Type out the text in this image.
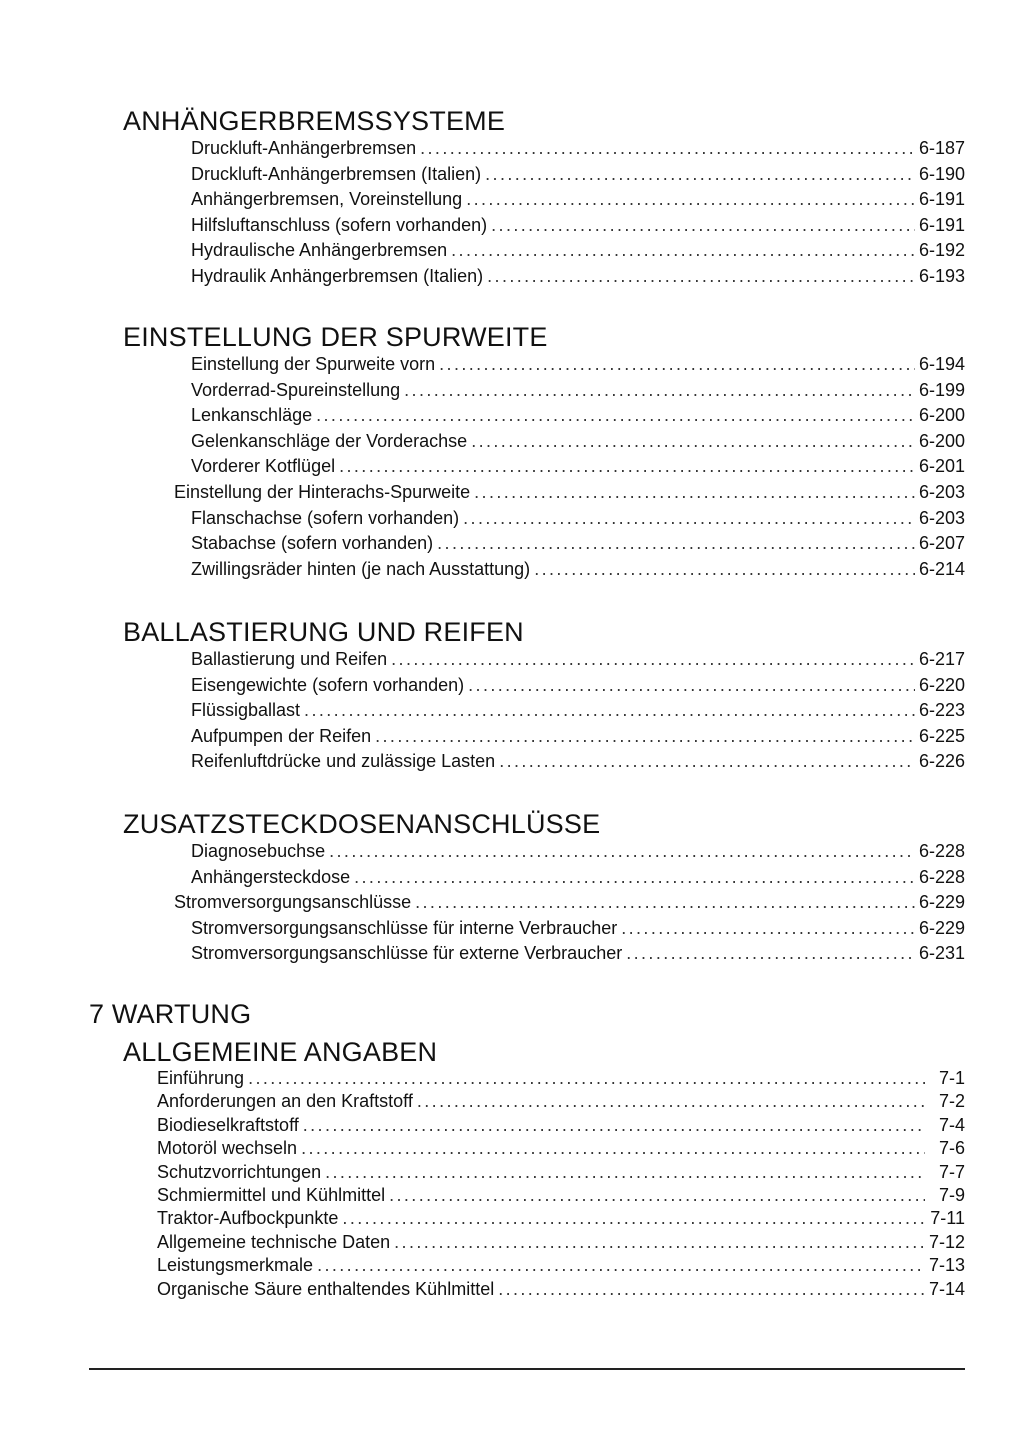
ANHÄNGERBREMSSYSTEME
Druckluft-Anhängerbremsen . . .	6-187
Druckluft-Anhängerbremsen (Italien) . . .	6-190
Anhängerbremsen, Voreinstellung . . .	6-191
Hilfsluftanschluss (sofern vorhanden) . . .	6-191
Hydraulische Anhängerbremsen . . .	6-192
Hydraulik Anhängerbremsen (Italien) . . .	6-193
EINSTELLUNG DER SPURWEITE
Einstellung der Spurweite vorn . . .	6-194
Vorderrad-Spureinstellung . . .	6-199
Lenkanschläge . . .	6-200
Gelenkanschläge der Vorderachse . . .	6-200
Vorderer Kotflügel . . .	6-201
Einstellung der Hinterachs-Spurweite . . .	6-203
Flanschachse (sofern vorhanden) . . .	6-203
Stabachse (sofern vorhanden) . . .	6-207
Zwillingsräder hinten (je nach Ausstattung) . . .	6-214
BALLASTIERUNG UND REIFEN
Ballastierung und Reifen . . .	6-217
Eisengewichte (sofern vorhanden) . . .	6-220
Flüssigballast . . .	6-223
Aufpumpen der Reifen . . .	6-225
Reifenluftdrücke und zulässige Lasten . . .	6-226
ZUSATZSTECKDOSENANSCHLÜSSE
Diagnosebuchse . . .	6-228
Anhängersteckdose . . .	6-228
Stromversorgungsanschlüsse . . .	6-229
Stromversorgungsanschlüsse für interne Verbraucher . . .	6-229
Stromversorgungsanschlüsse für externe Verbraucher . . .	6-231
7 WARTUNG
ALLGEMEINE ANGABEN
Einführung . . .	7-1
Anforderungen an den Kraftstoff . . .	7-2
Biodieselkraftstoff . . .	7-4
Motoröl wechseln . . .	7-6
Schutzvorrichtungen . . .	7-7
Schmiermittel und Kühlmittel . . .	7-9
Traktor-Aufbockpunkte . . .	7-11
Allgemeine technische Daten . . .	7-12
Leistungsmerkmale . . .	7-13
Organische Säure enthaltendes Kühlmittel . . .	7-14
